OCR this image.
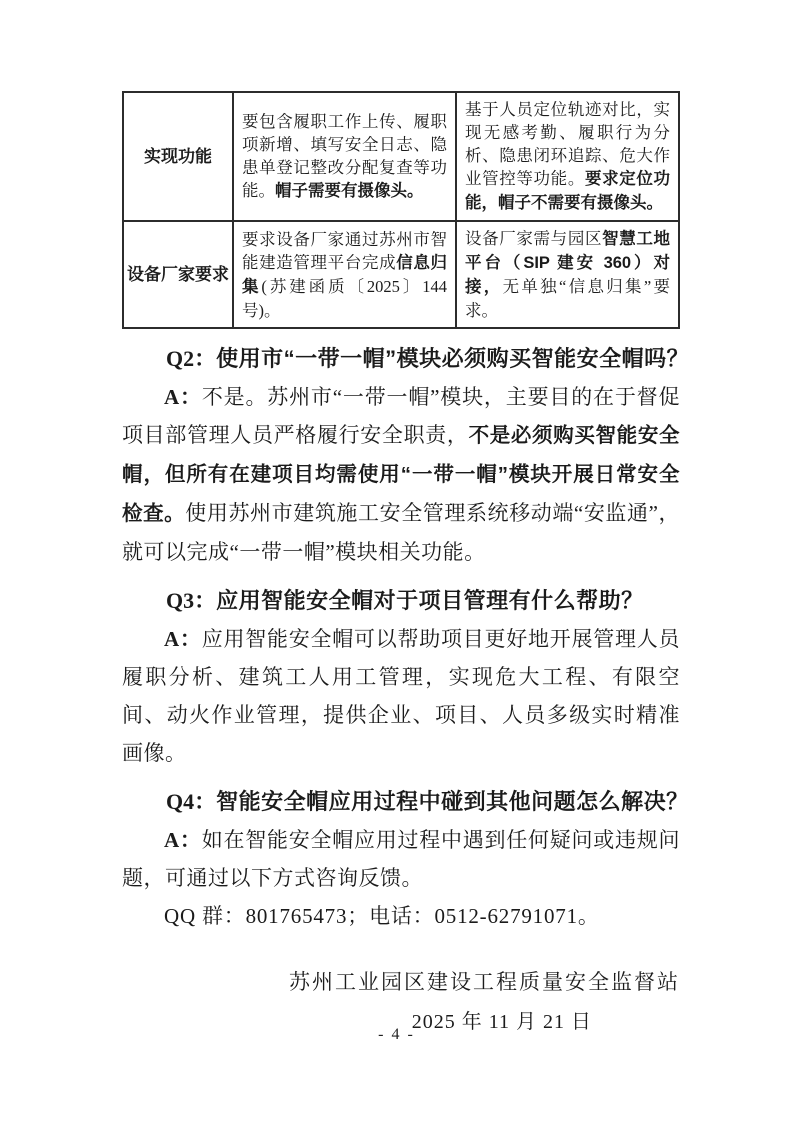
实现功能	要包含履职工作上传、履职项新增、填写安全日志、隐患单登记整改分配复查等功能。帽子需要有摄像头。	基于人员定位轨迹对比，实现无感考勤、履职行为分析、隐患闭环追踪、危大作业管控等功能。要求定位功能，帽子不需要有摄像头。
设备厂家要求	要求设备厂家通过苏州市智能建造管理平台完成信息归集(苏建函质〔2025〕144 号)。	设备厂家需与园区智慧工地平台（SIP 建安 360）对接，无单独“信息归集”要求。

Q2：使用市“一带一帽”模块必须购买智能安全帽吗？

A：不是。苏州市“一带一帽”模块，主要目的在于督促项目部管理人员严格履行安全职责，不是必须购买智能安全帽，但所有在建项目均需使用“一带一帽”模块开展日常安全检查。使用苏州市建筑施工安全管理系统移动端“安监通”，就可以完成“一带一帽”模块相关功能。

Q3：应用智能安全帽对于项目管理有什么帮助？

A：应用智能安全帽可以帮助项目更好地开展管理人员履职分析、建筑工人用工管理，实现危大工程、有限空间、动火作业管理，提供企业、项目、人员多级实时精准画像。

Q4：智能安全帽应用过程中碰到其他问题怎么解决？

A：如在智能安全帽应用过程中遇到任何疑问或违规问题，可通过以下方式咨询反馈。

QQ 群：801765473；电话：0512-62791071。

苏州工业园区建设工程质量安全监督站

2025 年 11 月 21 日

- 4 -
